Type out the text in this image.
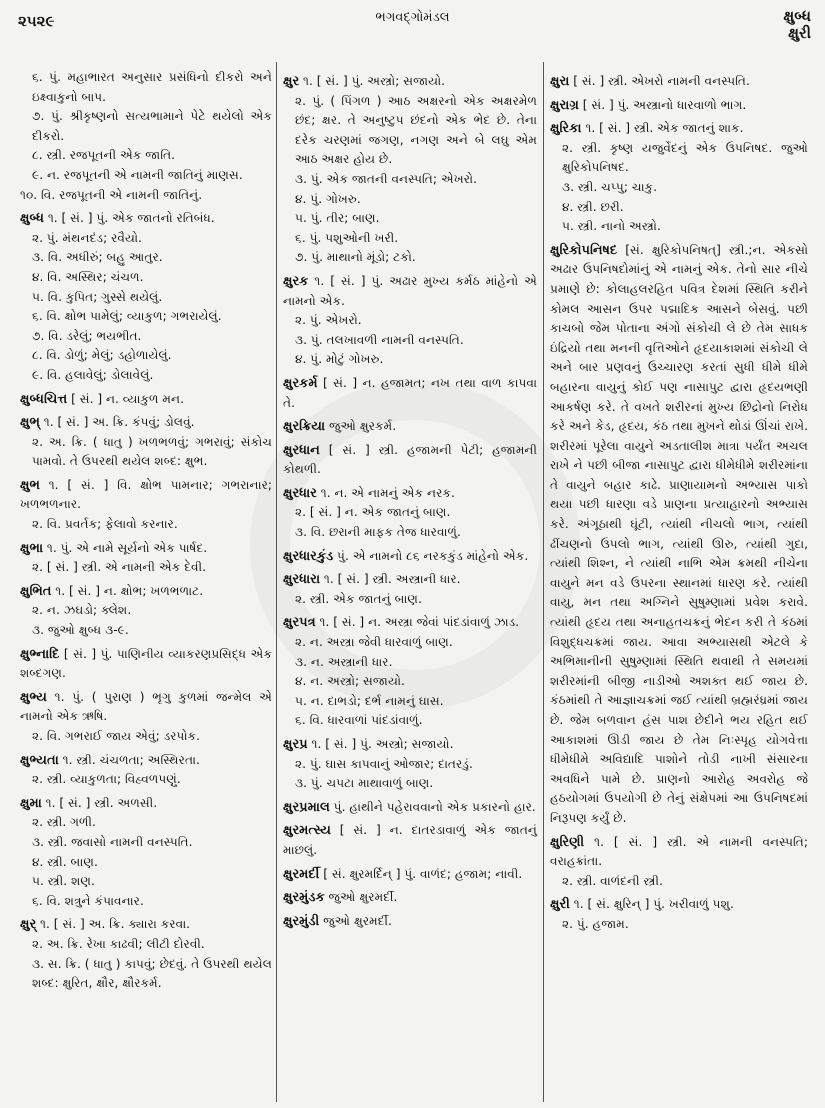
૨૫૨૯	ભગવદ્ગોમંડલ	ક્ષુબ્ધ
ક્ષુરી

૬. પું. મહાભારત અનુસાર પ્રસંધિનો દીકરો અને ઇક્ષ્વાકુનો બાપ.

૭. પું. શ્રીકૃષ્ણનો સત્યભામાને પેટે થયેલો એક દીકરો.

૮. સ્ત્રી. રજપૂતની એક જાતિ.

૯. ન. રજપૂતની એ નામની જાતિનું માણસ.

૧૦. વિ. રજપૂતની એ નામની જાતિનું.

ક્ષુબ્ધ ૧. [ સં. ] પું. એક જાતનો રતિબંધ.

૨. પું. મંથનદંડ; રવૈયો.

૩. વિ. અધીરું; બહુ આતુર.

૪. વિ. અસ્થિર; ચંચળ.

૫. વિ. કુપિત; ગુસ્સે થયેલું.

૬. વિ. ક્ષોભ પામેલું; વ્યાકુળ; ગભરાયેલું.

૭. વિ. ડરેલું; ભયભીત.

૮. વિ. ડોળું; મેલું; ડહોળાયેલું.

૯. વિ. હલાવેલું; ડોલાવેલું.

ક્ષુબ્ધચિત્ત [ સં. ] ન. વ્યાકુળ મન.

ક્ષુભ્ ૧. [ સં. ] અ. ક્રિ. કંપવું; ડોલવું.

૨. અ. ક્રિ. ( ધાતુ ) ખળભળવું; ગભરાવું; સંકોચ પામવો. તે ઉપરથી થયેલ શબ્દ: ક્ષુભ.

ક્ષુભ ૧. [ સં. ] વિ. ક્ષોભ પામનાર; ગભરાનાર; ખળભળનાર.

૨. વિ. પ્રવર્તક; ફેલાવો કરનાર.

ક્ષુભા ૧. પું. એ નામે સૂર્યનો એક પાર્ષદ.

૨. [ સં. ] સ્ત્રી. એ નામની એક દેવી.

ક્ષુભિત ૧. [ સં. ] ન. ક્ષોભ; ખળભળાટ.

૨. ન. ઝઘડો; ક્લેશ.

૩. જુઓ ક્ષુબ્ધ ૩-૯.

ક્ષુભ્નાદિ [ સં. ] પું. પાણિનીય વ્યાકરણપ્રસિદ્ધ એક શબ્દગણ.

ક્ષુભ્ય ૧. પું. ( પુરાણ ) ભૃગુ કુળમાં જન્મેલ એ નામનો એક ઋષિ.

૨. વિ. ગભરાઈ જાય એવું; ડરપોક.

ક્ષુભ્યતા ૧. સ્ત્રી. ચંચળતા; અસ્થિરતા.

૨. સ્ત્રી. વ્યાકુળતા; વિહ્વળપણું.

ક્ષુમા ૧. [ સં. ] સ્ત્રી. અળસી.

૨. સ્ત્રી. ગળી.

૩. સ્ત્રી. જવાસો નામની વનસ્પતિ.

૪. સ્ત્રી. બાણ.

૫. સ્ત્રી. શણ.

૬. વિ. શત્રુને કંપાવનાર.

ક્ષુર્ ૧. [ સં. ] અ. ક્રિ. ક્યારા કરવા.

૨. અ. ક્રિ. રેખા કાઢવી; લીટી દોરવી.

૩. સ. ક્રિ. ( ધાતુ ) કાપવું; છેદવું. તે ઉપરથી થયેલ શબ્દ: ક્ષુરિત, ક્ષૌર, ક્ષૌરકર્મ.

ક્ષુર ૧. [ સં. ] પું. અસ્ત્રો; સજાયો.

૨. પું. ( પિંગળ ) આઠ અક્ષરનો એક અક્ષરમેળ છંદ; ક્ષર. તે અનુષ્ટુપ છંદનો એક ભેદ છે. તેના દરેક ચરણમાં જગણ, નગણ અને બે લઘુ એમ આઠ અક્ષર હોય છે.

૩. પું. એક જાતની વનસ્પતિ; એખરો.

૪. પું. ગોખરુ.

૫. પું. તીર; બાણ.

૬. પું. પશુઓની ખરી.

૭. પું. માથાનો મૂંડો; ટકો.

ક્ષુરક ૧. [ સં. ] પું. અઢાર મુખ્ય કર્મઠ માંહેનો એ નામનો એક.

૨. પું. એખરો.

૩. પું. તલખાવળી નામની વનસ્પતિ.

૪. પું. મોટું ગોખરુ.

ક્ષુરકર્મ [ સં. ] ન. હજામત; નખ તથા વાળ કાપવા તે.

ક્ષુરક્રિયા જુઓ ક્ષુરકર્મ.

ક્ષુરધાન [ સં. ] સ્ત્રી. હજામની પેટી; હજામની કોથળી.

ક્ષુરધાર ૧. ન. એ નામનું એક નરક.

૨. [ સં. ] ન. એક જાતનું બાણ.

૩. વિ. છરાની માફક તેજ ધારવાળું.

ક્ષુરધારકુંડ પું. એ નામનો ૮૬ નરકકુંડ માંહેનો એક.

ક્ષુરધારા ૧. [ સં. ] સ્ત્રી. અસ્ત્રાની ધાર.

૨. સ્ત્રી. એક જાતનું બાણ.

ક્ષુરપત્ર ૧. [ સં. ] ન. અસ્ત્રા જેવાં પાંદડાંવાળું ઝાડ.

૨. ન. અસ્ત્રા જેવી ધારવાળું બાણ.

૩. ન. અસ્ત્રાની ધાર.

૪. ન. અસ્ત્રો; સજાયો.

૫. ન. દાભડો; દર્ભ નામનું ઘાસ.

૬. વિ. ધારવાળાં પાંદડાંવાળું.

ક્ષુરપ્ર ૧. [ સં. ] પું. અસ્ત્રો; સજાયો.

૨. પું. ઘાસ કાપવાનું ઓજાર; દાતરડું.

૩. પું. ચપટા માથાવાળું બાણ.

ક્ષુરપ્રમાલ પું. હાથીને પહેરાવવાનો એક પ્રકારનો હાર.

ક્ષુરમત્સ્ય [ સં. ] ન. દાતરડાવાળું એક જાતનું માછલું.

ક્ષુરમર્દી [ સં. ક્ષુરમર્દિન્ ] પું. વાળંદ; હજામ; નાવી.

ક્ષુરમુંડક જુઓ ક્ષુરમર્દી.

ક્ષુરમુંડી જુઓ ક્ષુરમર્દી.

ક્ષુરા [ સં. ] સ્ત્રી. એખરો નામની વનસ્પતિ.

ક્ષુરાગ્ર [ સં. ] પું. અસ્ત્રાનો ધારવાળો ભાગ.

ક્ષુરિકા ૧. [ સં. ] સ્ત્રી. એક જાતનું શાક.

૨. સ્ત્રી. કૃષ્ણ યજુર્વેદનું એક ઉપનિષદ. જુઓ ક્ષુરિકોપનિષદ.

૩. સ્ત્રી. ચપ્પુ; ચાકુ.

૪. સ્ત્રી. છરી.

૫. સ્ત્રી. નાનો અસ્ત્રો.

ક્ષુરિકોપનિષદ [સં. ક્ષુરિકોપનિષત્] સ્ત્રી.;ન. એકસો અઢાર ઉપનિષદોમાંનું એ નામનું એક. તેનો સાર નીચે પ્રમાણે છે: કોલાહલરહિત પવિત્ર દેશમાં સ્થિતિ કરીને કોમલ આસન ઉપર પદ્માદિક આસને બેસવું. પછી કાચબો જેમ પોતાના અંગો સંકોચી લે છે તેમ સાધક ઇંદ્રિયો તથા મનની વૃત્તિઓને હૃદયાકાશમાં સંકોચી લે અને બાર પ્રણવનું ઉચ્ચારણ કરતાં સુધી ધીમે ધીમે બહારના વાયુનું કોઈ પણ નાસાપુટ દ્વારા હૃદયભણી આકર્ષણ કરે. તે વખતે શરીરનાં મુખ્ય છિદ્રોનો નિરોધ કરે અને કેડ, હૃદય, કંઠ તથા મુખને થોડાં ઊંચાં રાખે. શરીરમાં પૂરેલા વાયુને અડતાલીશ માત્રા પર્યંત અચલ રાખે ને પછી બીજા નાસાપુટ દ્વારા ધીમેધીમે શરીરમાંના તે વાયુને બહાર કાઢે. પ્રાણાયામનો અભ્યાસ પાકો થયા પછી ધારણા વડે પ્રાણના પ્રત્યાહારનો અભ્યાસ કરે. અંગૂઠાથી ઘૂંટી, ત્યાંથી નીચલો ભાગ, ત્યાંથી ઢીંચણનો ઉપલો ભાગ, ત્યાંથી ઊરુ, ત્યાંથી ગુદા, ત્યાંથી શિશ્ન, ને ત્યાંથી નાભિ એમ ક્રમથી નીચેના વાયુને મન વડે ઉપરના સ્થાનમાં ધારણ કરે. ત્યાંથી વાયુ, મન તથા અગ્નિને સુષુમ્ણામાં પ્રવેશ કરાવે. ત્યાંથી હૃદય તથા અનાહતચક્રનું ભેદન કરી તે કંઠમાં વિશુદ્ધચક્રમાં જાય. આવા અભ્યાસથી એટલે કે અભિમાનીની સુષુમ્ણામાં સ્થિતિ થવાથી તે સમયમાં શરીરમાંની બીજી નાડીઓ અશક્ત થઈ જાય છે. કંઠમાંથી તે આજ્ઞાચક્રમાં જઈ ત્યાંથી બ્રહ્મરંધ્રમાં જાય છે. જેમ બળવાન હંસ પાશ છેદીને ભય રહિત થઈ આકાશમાં ઊડી જાય છે તેમ નિઃસ્પૃહ યોગવેત્તા ધીમેધીમે અવિદ્યાદિ પાશોને તોડી નાખી સંસારના અવધિને પામે છે. પ્રાણનો આરોહ અવરોહ જે હઠયોગમાં ઉપયોગી છે તેનું સંક્ષેપમાં આ ઉપનિષદમાં નિરૂપણ કર્યું છે.

ક્ષુરિણી ૧. [ સં. ] સ્ત્રી. એ નામની વનસ્પતિ; વરાહક્રાંતા.

૨. સ્ત્રી. વાળંદની સ્ત્રી.

ક્ષુરી ૧. [ સં. ક્ષુરિન્ ] પું. ખરીવાળું પશુ.

૨. પું. હજામ.
